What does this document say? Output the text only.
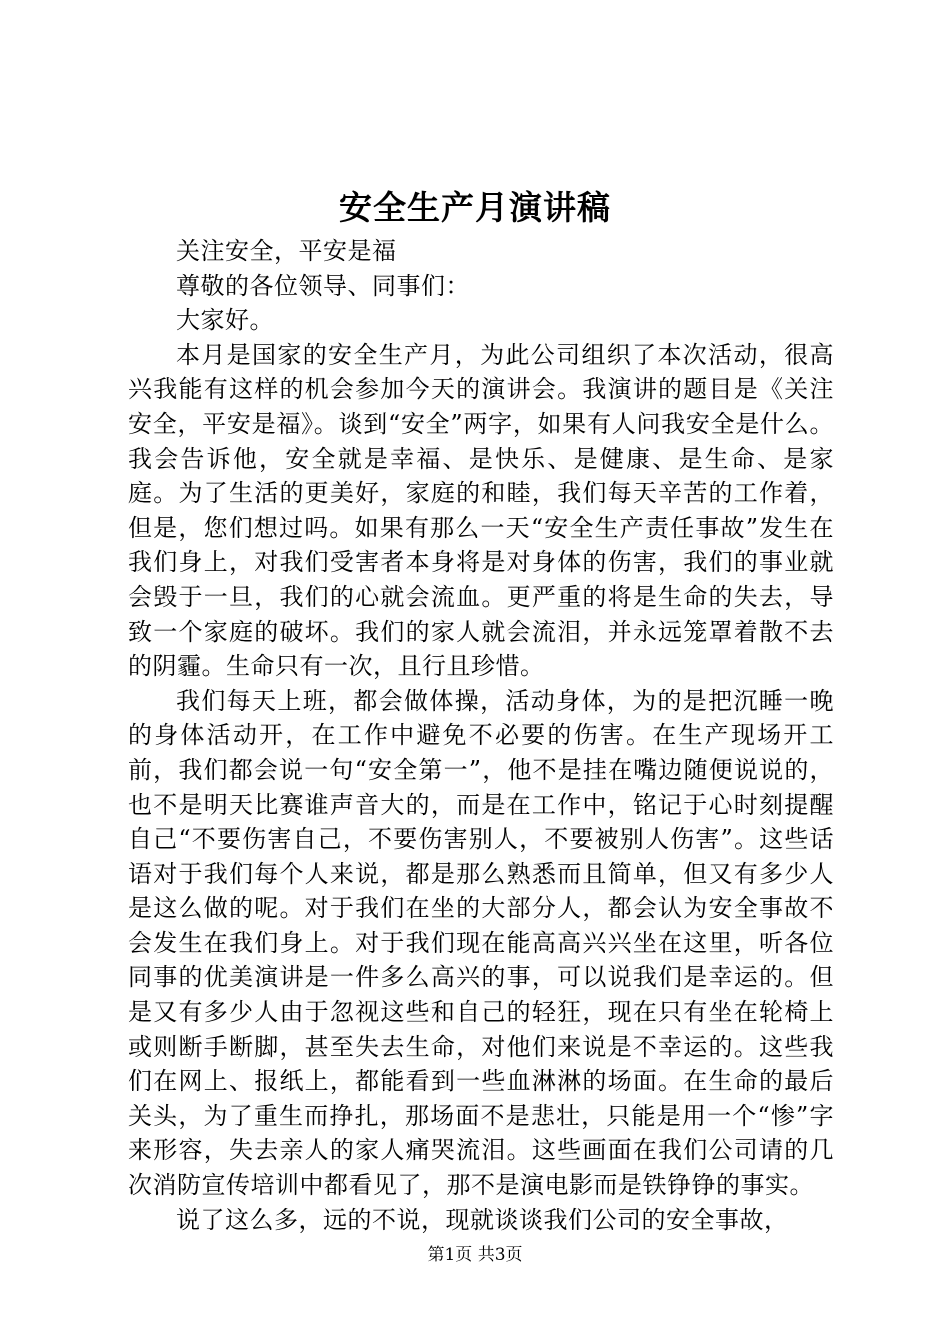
安全生产月演讲稿

关注安全，平安是福

尊敬的各位领导、同事们：

大家好。

本月是国家的安全生产月，为此公司组织了本次活动，很高兴我能有这样的机会参加今天的演讲会。我演讲的题目是《关注安全，平安是福》。谈到“安全”两字，如果有人问我安全是什么。我会告诉他，安全就是幸福、是快乐、是健康、是生命、是家庭。为了生活的更美好，家庭的和睦，我们每天辛苦的工作着，但是，您们想过吗。如果有那么一天“安全生产责任事故”发生在我们身上，对我们受害者本身将是对身体的伤害，我们的事业就会毁于一旦，我们的心就会流血。更严重的将是生命的失去，导致一个家庭的破坏。我们的家人就会流泪，并永远笼罩着散不去的阴霾。生命只有一次，且行且珍惜。

我们每天上班，都会做体操，活动身体，为的是把沉睡一晚的身体活动开，在工作中避免不必要的伤害。在生产现场开工前，我们都会说一句“安全第一”，他不是挂在嘴边随便说说的，也不是明天比赛谁声音大的，而是在工作中，铭记于心时刻提醒自己“不要伤害自己，不要伤害别人，不要被别人伤害”。这些话语对于我们每个人来说，都是那么熟悉而且简单，但又有多少人是这么做的呢。对于我们在坐的大部分人，都会认为安全事故不会发生在我们身上。对于我们现在能高高兴兴坐在这里，听各位同事的优美演讲是一件多么高兴的事，可以说我们是幸运的。但是又有多少人由于忽视这些和自己的轻狂，现在只有坐在轮椅上或则断手断脚，甚至失去生命，对他们来说是不幸运的。这些我们在网上、报纸上，都能看到一些血淋淋的场面。在生命的最后关头，为了重生而挣扎，那场面不是悲壮，只能是用一个“惨”字来形容，失去亲人的家人痛哭流泪。这些画面在我们公司请的几次消防宣传培训中都看见了，那不是演电影而是铁铮铮的事实。

说了这么多，远的不说，现就谈谈我们公司的安全事故，

第1页 共3页
